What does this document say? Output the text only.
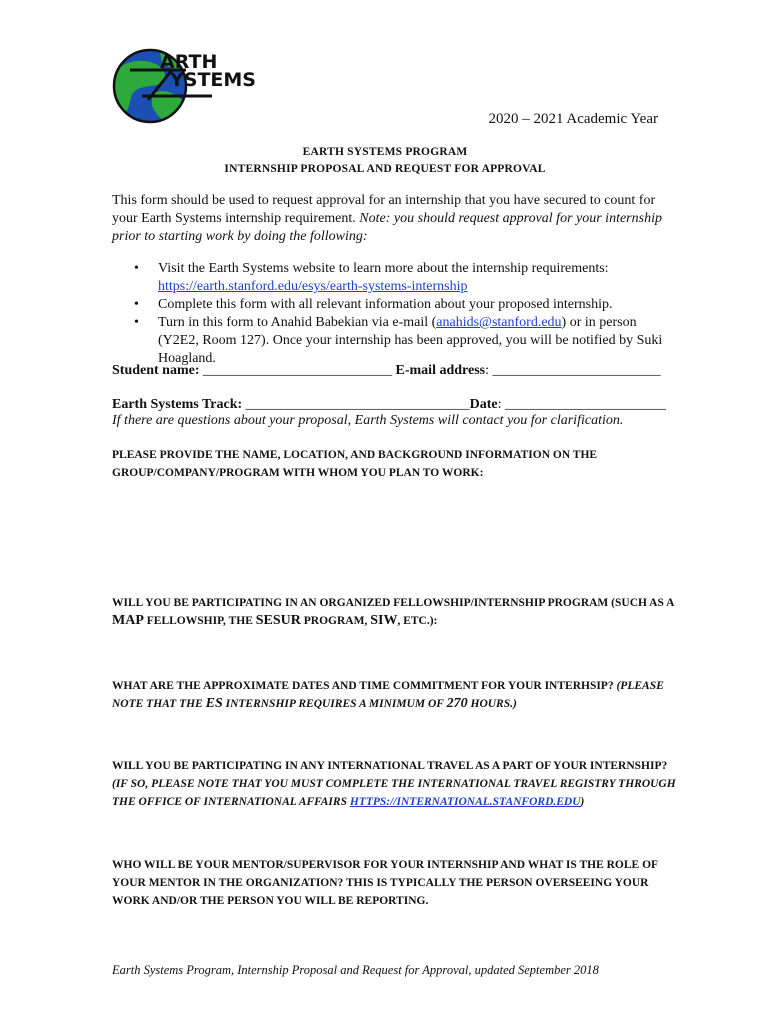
ARTH
YSTEMS
2020 – 2021 Academic Year
EARTH SYSTEMS PROGRAM
INTERNSHIP PROPOSAL AND REQUEST FOR APPROVAL
This form should be used to request approval for an internship that you have secured to count for your Earth Systems internship requirement. Note: you should request approval for your internship prior to starting work by doing the following:
• Visit the Earth Systems website to learn more about the internship requirements:
https://earth.stanford.edu/esys/earth-systems-internship
• Complete this form with all relevant information about your proposed internship.
• Turn in this form to Anahid Babekian via e-mail (anahids@stanford.edu) or in person (Y2E2, Room 127). Once your internship has been approved, you will be notified by Suki Hoagland.
Student name: ___________________________ E-mail address: ________________________
Earth Systems Track: ________________________________Date: _______________________
If there are questions about your proposal, Earth Systems will contact you for clarification.
PLEASE PROVIDE THE NAME, LOCATION, AND BACKGROUND INFORMATION ON THE GROUP/COMPANY/PROGRAM WITH WHOM YOU PLAN TO WORK:
WILL YOU BE PARTICIPATING IN AN ORGANIZED FELLOWSHIP/INTERNSHIP PROGRAM (SUCH AS A MAP FELLOWSHIP, THE SESUR PROGRAM, SIW, ETC.):
WHAT ARE THE APPROXIMATE DATES AND TIME COMMITMENT FOR YOUR INTERHSIP? (PLEASE NOTE THAT THE ES INTERNSHIP REQUIRES A MINIMUM OF 270 HOURS.)
WILL YOU BE PARTICIPATING IN ANY INTERNATIONAL TRAVEL AS A PART OF YOUR INTERNSHIP?
(IF SO, PLEASE NOTE THAT YOU MUST COMPLETE THE INTERNATIONAL TRAVEL REGISTRY THROUGH THE OFFICE OF INTERNATIONAL AFFAIRS HTTPS://INTERNATIONAL.STANFORD.EDU)
WHO WILL BE YOUR MENTOR/SUPERVISOR FOR YOUR INTERNSHIP AND WHAT IS THE ROLE OF YOUR MENTOR IN THE ORGANIZATION? THIS IS TYPICALLY THE PERSON OVERSEEING YOUR WORK AND/OR THE PERSON YOU WILL BE REPORTING.
Earth Systems Program, Internship Proposal and Request for Approval, updated September 2018
